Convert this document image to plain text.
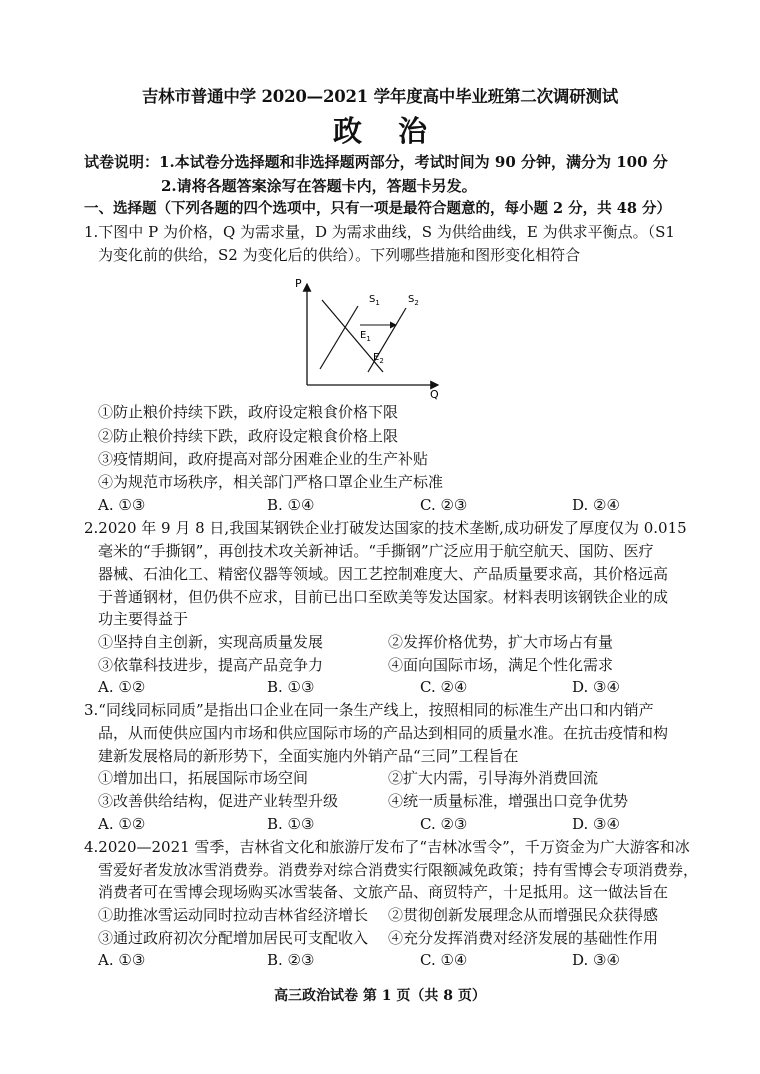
吉林市普通中学 2020—2021 学年度高中毕业班第二次调研测试
政治
试卷说明：1.本试卷分选择题和非选择题两部分，考试时间为 90 分钟，满分为 100 分
2.请将各题答案涂写在答题卡内，答题卡另发。
一、选择题（下列各题的四个选项中，只有一项是最符合题意的，每小题 2 分，共 48 分）
1.下图中 P 为价格，Q 为需求量，D 为需求曲线，S 为供给曲线，E 为供求平衡点。（S1
为变化前的供给，S2 为变化后的供给）。下列哪些措施和图形变化相符合
P
Q
$S_1$	$S_2$
$E_1$
$E_2$
①防止粮价持续下跌，政府设定粮食价格下限
②防止粮价持续下跌，政府设定粮食价格上限
③疫情期间，政府提高对部分困难企业的生产补贴
④为规范市场秩序，相关部门严格口罩企业生产标准
A. ①③	B. ①④	C. ②③	D. ②④
2.2020 年 9 月 8 日,我国某钢铁企业打破发达国家的技术垄断,成功研发了厚度仅为 0.015
毫米的“手撕钢”，再创技术攻关新神话。“手撕钢”广泛应用于航空航天、国防、医疗
器械、石油化工、精密仪器等领域。因工艺控制难度大、产品质量要求高，其价格远高
于普通钢材，但仍供不应求，目前已出口至欧美等发达国家。材料表明该钢铁企业的成
功主要得益于
①坚持自主创新，实现高质量发展	②发挥价格优势，扩大市场占有量
③依靠科技进步，提高产品竞争力	④面向国际市场，满足个性化需求
A. ①②	B. ①③	C. ②④	D. ③④
3.“同线同标同质”是指出口企业在同一条生产线上，按照相同的标准生产出口和内销产
品，从而使供应国内市场和供应国际市场的产品达到相同的质量水准。在抗击疫情和构
建新发展格局的新形势下，全面实施内外销产品“三同”工程旨在
①增加出口，拓展国际市场空间	②扩大内需，引导海外消费回流
③改善供给结构，促进产业转型升级	④统一质量标准，增强出口竞争优势
A. ①②	B. ①③	C. ②③	D. ③④
4.2020—2021 雪季，吉林省文化和旅游厅发布了“吉林冰雪令”，千万资金为广大游客和冰
雪爱好者发放冰雪消费券。消费券对综合消费实行限额减免政策；持有雪博会专项消费券，
消费者可在雪博会现场购买冰雪装备、文旅产品、商贸特产，十足抵用。这一做法旨在
①助推冰雪运动同时拉动吉林省经济增长 ②贯彻创新发展理念从而增强民众获得感
③通过政府初次分配增加居民可支配收入 ④充分发挥消费对经济发展的基础性作用
A. ①③	B. ②③	C. ①④	D. ③④
高三政治试卷 第 1 页（共 8 页）
